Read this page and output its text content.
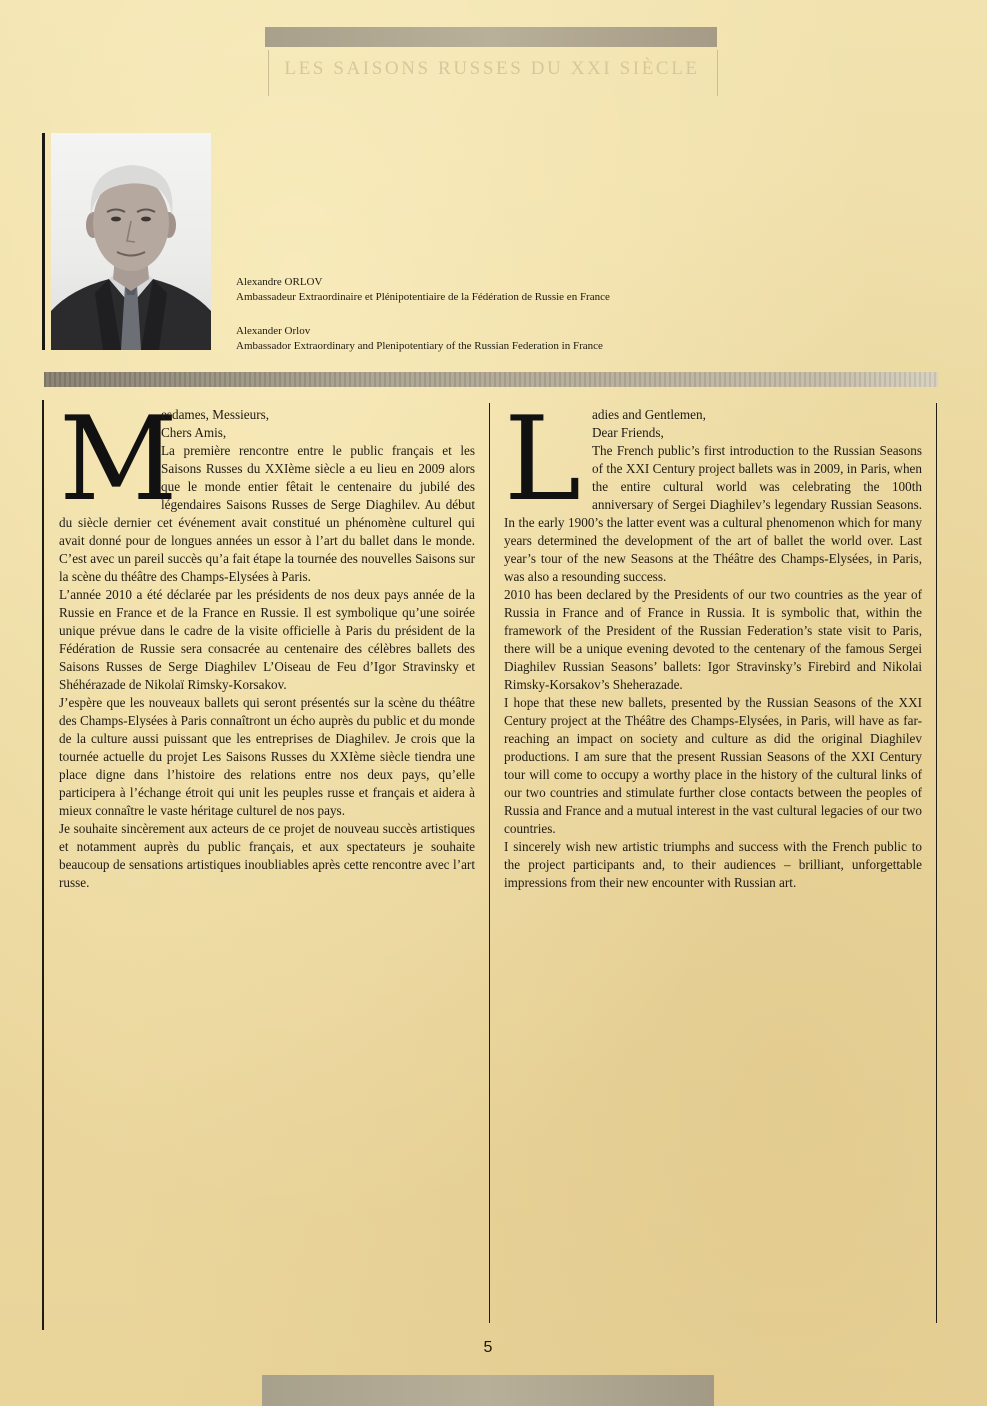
LES SAISONS RUSSES DU XXI SIÈCLE
Alexandre ORLOV
Ambassadeur Extraordinaire et Plénipotentiaire de la Fédération de Russie en France
Alexander Orlov
Ambassador Extraordinary and Plenipotentiary of the Russian Federation in France
M

esdames, Messieurs,

Chers Amis,

La première rencontre entre le public français et les Saisons Russes du XXIème siècle a eu lieu en 2009 alors que le monde entier fêtait le centenaire du jubilé des légendaires Saisons Russes de Serge Diaghilev. Au début du siècle dernier cet événement avait constitué un phénomène culturel qui avait donné pour de longues années un essor à l’art du ballet dans le monde. C’est avec un pareil succès qu’a fait étape la tournée des nouvelles Saisons sur la scène du théâtre des Champs-Elysées à Paris.

L’année 2010 a été déclarée par les présidents de nos deux pays année de la Russie en France et de la France en Russie. Il est symbolique qu’une soirée unique prévue dans le cadre de la visite officielle à Paris du président de la Fédération de Russie sera consacrée au centenaire des célèbres ballets des Saisons Russes de Serge Diaghilev L’Oiseau de Feu d’Igor Stravinsky et Shéhérazade de Nikolaï Rimsky-Korsakov.

J’espère que les nouveaux ballets qui seront présentés sur la scène du théâtre des Champs-Elysées à Paris connaîtront un écho auprès du public et du monde de la culture aussi puissant que les entreprises de Diaghilev. Je crois que la tournée actuelle du projet Les Saisons Russes du XXIème siècle tiendra une place digne dans l’histoire des relations entre nos deux pays, qu’elle participera à l’échange étroit qui unit les peuples russe et français et aidera à mieux connaître le vaste héritage culturel de nos pays.

Je souhaite sincèrement aux acteurs de ce projet de nouveau succès artistiques et notamment auprès du public français, et aux spectateurs je souhaite beaucoup de sensations artistiques inoubliables après cette rencontre avec l’art russe.

L adies and Gentlemen,

Dear Friends,

The French public’s first introduction to the Russian Seasons of the XXI Century project ballets was in 2009, in Paris, when the entire cultural world was celebrating the 100th anniversary of Sergei Diaghilev’s legendary Russian Seasons. In the early 1900’s the latter event was a cultural phenomenon which for many years determined the development of the art of ballet the world over. Last year’s tour of the new Seasons at the Théâtre des Champs-Elysées, in Paris, was also a resounding success.

2010 has been declared by the Presidents of our two countries as the year of Russia in France and of France in Russia. It is symbolic that, within the framework of the President of the Russian Federation’s state visit to Paris, there will be a unique evening devoted to the centenary of the famous Sergei Diaghilev Russian Seasons’ ballets: Igor Stravinsky’s Firebird and Nikolai Rimsky-Korsakov’s Sheherazade.

I hope that these new ballets, presented by the Russian Seasons of the XXI Century project at the Théâtre des Champs-Elysées, in Paris, will have as far-reaching an impact on society and culture as did the original Diaghilev productions. I am sure that the present Russian Seasons of the XXI Century tour will come to occupy a worthy place in the history of the cultural links of our two countries and stimulate further close contacts between the peoples of Russia and France and a mutual interest in the vast cultural legacies of our two countries.

I sincerely wish new artistic triumphs and success with the French public to the project participants and, to their audiences – brilliant, unforgettable impressions from their new encounter with Russian art.

5
